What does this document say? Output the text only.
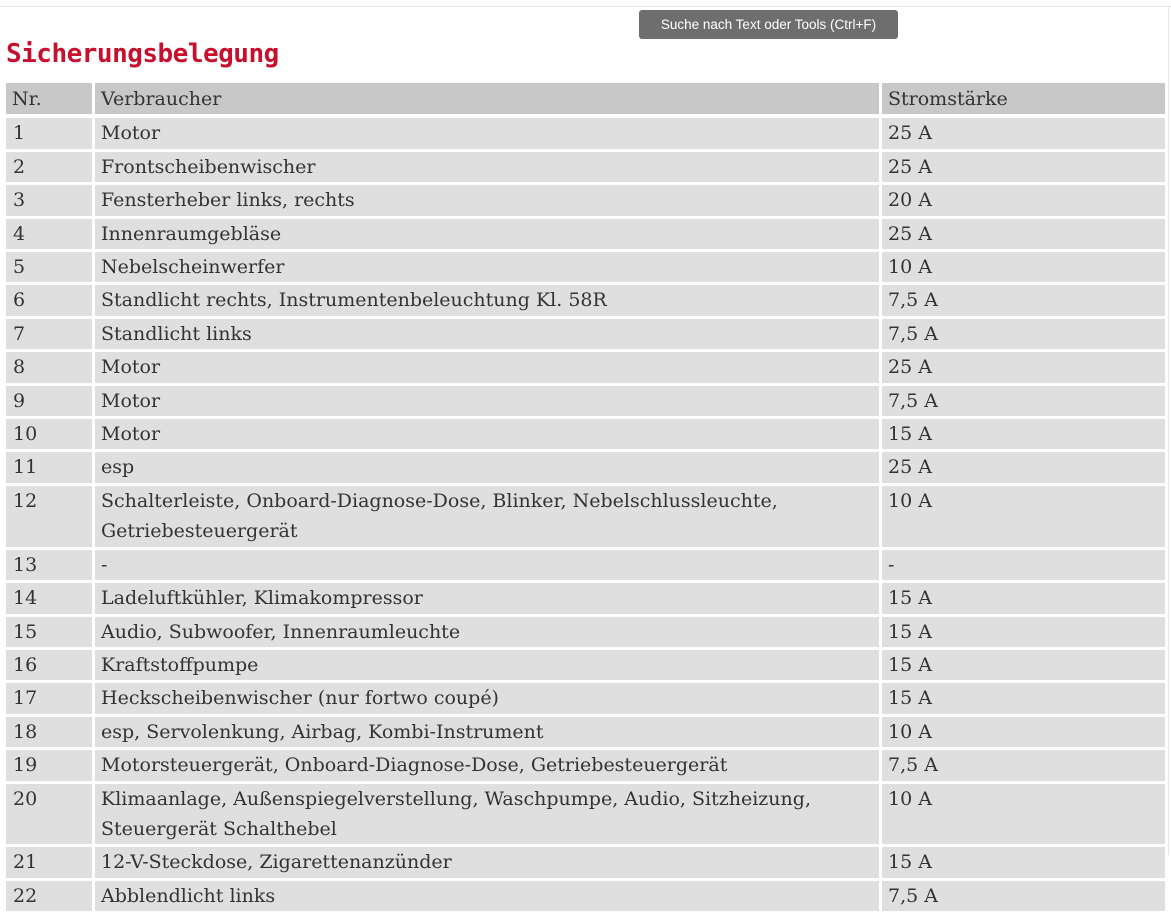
Sicherungsbelegung
Suche nach Text oder Tools (Ctrl+F)
Nr.	Verbraucher	Stromstärke
1	Motor	25 A
2	Frontscheibenwischer	25 A
3	Fensterheber links, rechts	20 A
4	Innenraumgebläse	25 A
5	Nebelscheinwerfer	10 A
6	Standlicht rechts, Instrumentenbeleuchtung Kl. 58R	7,5 A
7	Standlicht links	7,5 A
8	Motor	25 A
9	Motor	7,5 A
10	Motor	15 A
11	esp	25 A
12	Schalterleiste, Onboard-Diagnose-Dose, Blinker, Nebelschlussleuchte, Getriebesteuergerät	10 A
13	-	-
14	Ladeluftkühler, Klimakompressor	15 A
15	Audio, Subwoofer, Innenraumleuchte	15 A
16	Kraftstoffpumpe	15 A
17	Heckscheibenwischer (nur fortwo coupé)	15 A
18	esp, Servolenkung, Airbag, Kombi-Instrument	10 A
19	Motorsteuergerät, Onboard-Diagnose-Dose, Getriebesteuergerät	7,5 A
20	Klimaanlage, Außenspiegelverstellung, Waschpumpe, Audio, Sitzheizung, Steuergerät Schalthebel	10 A
21	12-V-Steckdose, Zigarettenanzünder	15 A
22	Abblendlicht links	7,5 A
